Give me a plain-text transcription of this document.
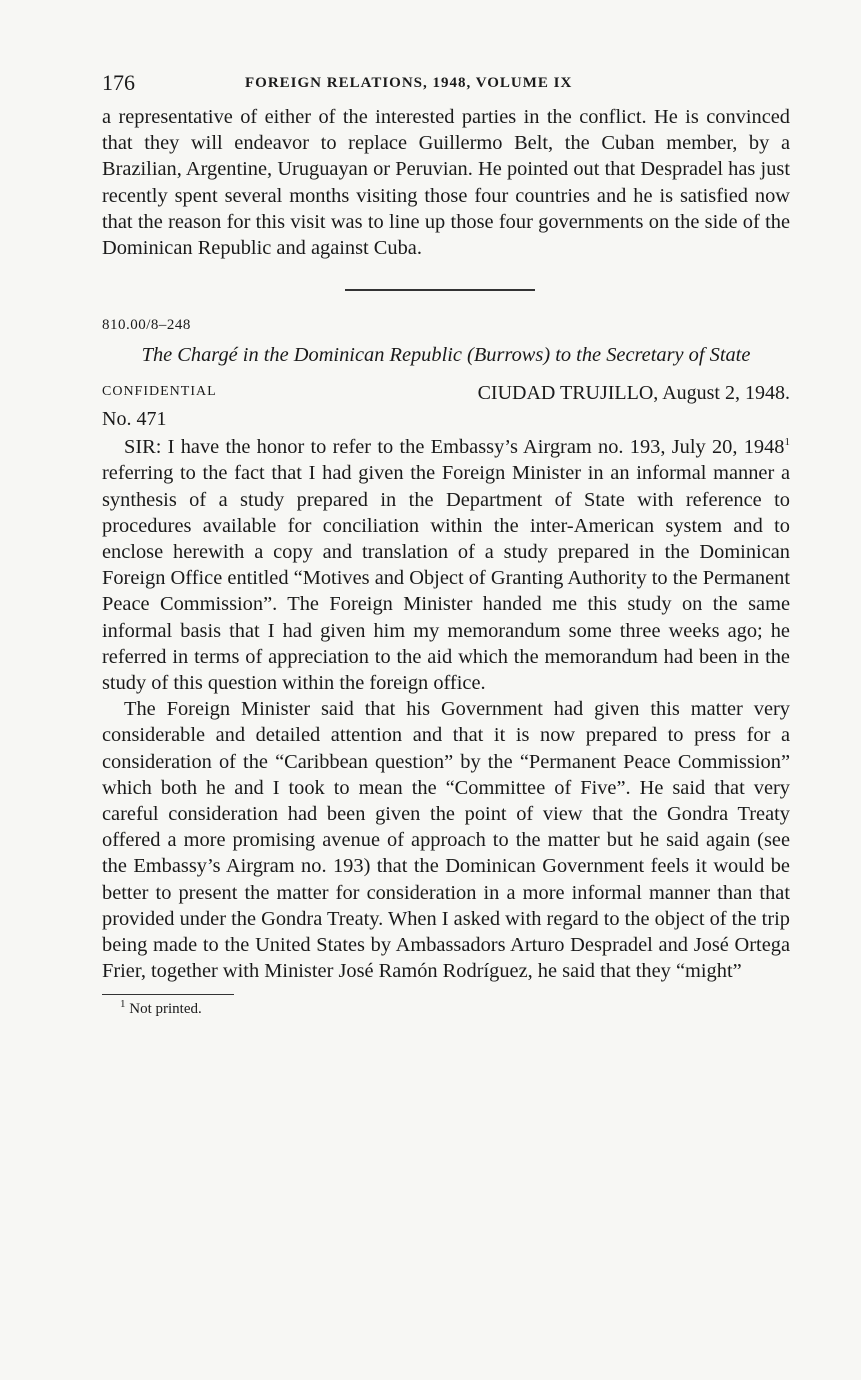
176	FOREIGN RELATIONS, 1948, VOLUME IX

a representative of either of the interested parties in the conflict. He is convinced that they will endeavor to replace Guillermo Belt, the Cuban member, by a Brazilian, Argentine, Uruguayan or Peruvian. He pointed out that Despradel has just recently spent several months visiting those four countries and he is satisfied now that the reason for this visit was to line up those four governments on the side of the Dominican Republic and against Cuba.

810.00/8–248
The Chargé in the Dominican Republic (Burrows) to the Secretary of State
CONFIDENTIAL	CIUDAD TRUJILLO, August 2, 1948.
No. 471

SIR: I have the honor to refer to the Embassy’s Airgram no. 193, July 20, 1948$^1$ referring to the fact that I had given the Foreign Minister in an informal manner a synthesis of a study prepared in the Department of State with reference to procedures available for conciliation within the inter-American system and to enclose herewith a copy and translation of a study prepared in the Dominican Foreign Office entitled “Motives and Object of Granting Authority to the Permanent Peace Commission”. The Foreign Minister handed me this study on the same informal basis that I had given him my memorandum some three weeks ago; he referred in terms of appreciation to the aid which the memorandum had been in the study of this question within the foreign office.

The Foreign Minister said that his Government had given this matter very considerable and detailed attention and that it is now prepared to press for a consideration of the “Caribbean question” by the “Permanent Peace Commission” which both he and I took to mean the “Committee of Five”. He said that very careful consideration had been given the point of view that the Gondra Treaty offered a more promising avenue of approach to the matter but he said again (see the Embassy’s Airgram no. 193) that the Dominican Government feels it would be better to present the matter for consideration in a more informal manner than that provided under the Gondra Treaty. When I asked with regard to the object of the trip being made to the United States by Ambassadors Arturo Despradel and José Ortega Frier, together with Minister José Ramón Rodríguez, he said that they “might”

$^1$ Not printed.
